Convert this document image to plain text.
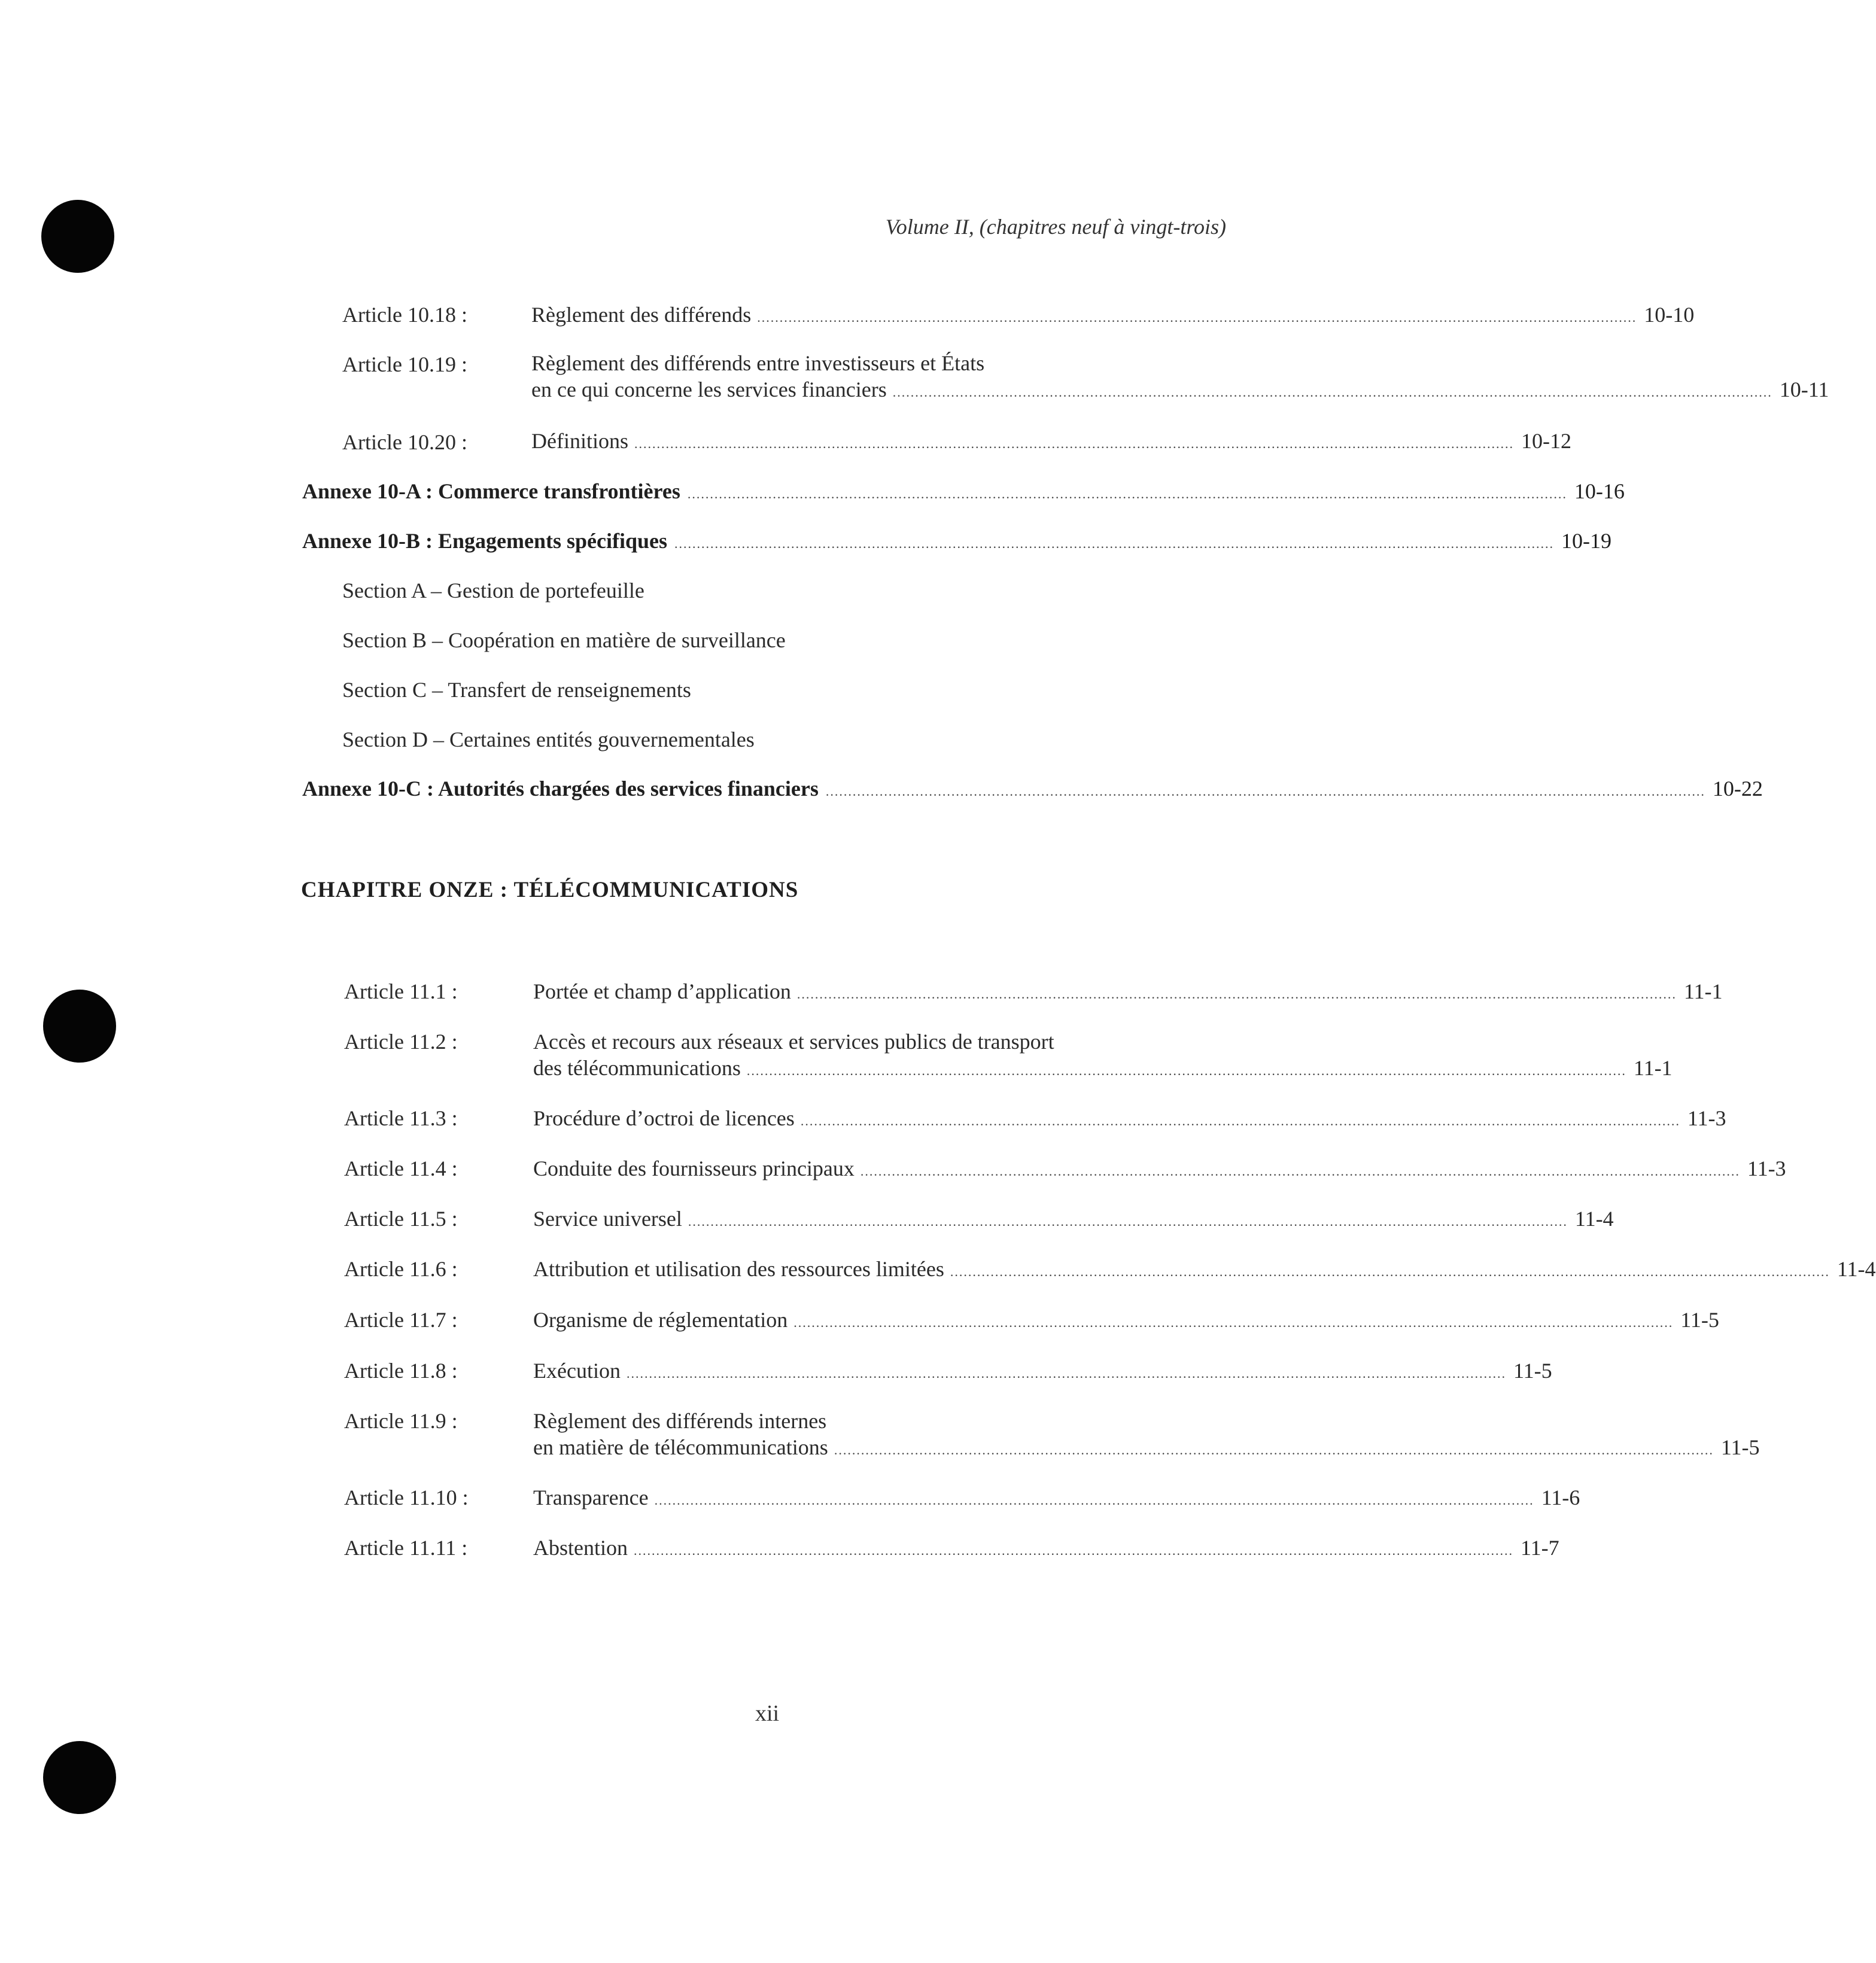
Volume II, (chapitres neuf à vingt-trois)
Article 10.18 :	Règlement des différends .................................................................................................................................................................................................... 10-10
Article 10.19 :	Règlement des différends entre investisseurs et États
en ce qui concerne les services financiers .................................................................................................................................................................................................... 10-11
Article 10.20 :	Définitions .................................................................................................................................................................................................... 10-12
Annexe 10-A : Commerce transfrontières .................................................................................................................................................................................................... 10-16
Annexe 10-B : Engagements spécifiques .................................................................................................................................................................................................... 10-19
Section A – Gestion de portefeuille
Section B – Coopération en matière de surveillance
Section C – Transfert de renseignements
Section D – Certaines entités gouvernementales
Annexe 10-C : Autorités chargées des services financiers .................................................................................................................................................................................................... 10-22
CHAPITRE ONZE : TÉLÉCOMMUNICATIONS
Article 11.1 :	Portée et champ d’application .................................................................................................................................................................................................... 11-1
Article 11.2 :	Accès et recours aux réseaux et services publics de transport
des télécommunications .................................................................................................................................................................................................... 11-1
Article 11.3 :	Procédure d’octroi de licences .................................................................................................................................................................................................... 11-3
Article 11.4 :	Conduite des fournisseurs principaux .................................................................................................................................................................................................... 11-3
Article 11.5 :	Service universel .................................................................................................................................................................................................... 11-4
Article 11.6 :	Attribution et utilisation des ressources limitées .................................................................................................................................................................................................... 11-4
Article 11.7 :	Organisme de réglementation .................................................................................................................................................................................................... 11-5
Article 11.8 :	Exécution .................................................................................................................................................................................................... 11-5
Article 11.9 :	Règlement des différends internes
en matière de télécommunications .................................................................................................................................................................................................... 11-5
Article 11.10 :	Transparence .................................................................................................................................................................................................... 11-6
Article 11.11 :	Abstention .................................................................................................................................................................................................... 11-7
xii
